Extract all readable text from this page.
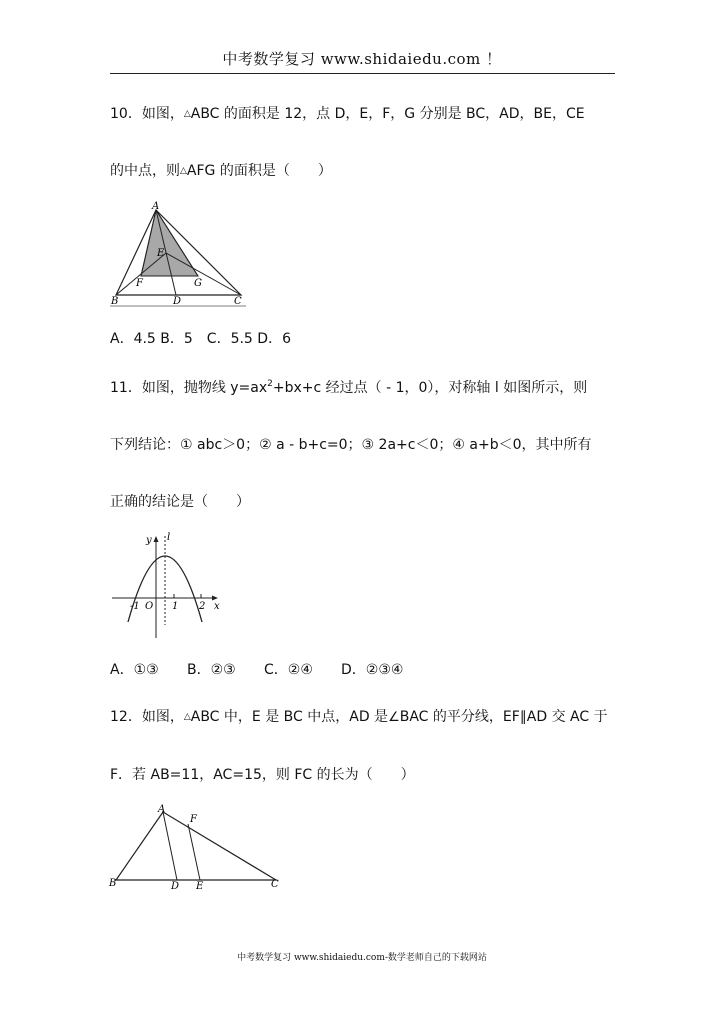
中考数学复习 www.shidaiedu.com ！
10．如图，△ABC 的面积是 12，点 D，E，F，G 分别是 BC，AD，BE，CE
的中点，则△AFG 的面积是（　　）
A
E
F	G
B	D	C
A．4.5 B．5　C．5.5 D．6
11．如图，抛物线 $y=ax^2+bx+c$ 经过点（ - 1，0），对称轴 l 如图所示，则
下列结论：① abc＞0；② a - b+c=0；③ 2a+c＜0；④ a+b＜0，其中所有
正确的结论是（　　）
y l
-1 O 1 2 x
A．①③ B．②③ C．②④ D．②③④
12．如图，△ABC 中，E 是 BC 中点，AD 是∠BAC 的平分线，EF∥AD 交 AC 于
F．若 AB=11，AC=15，则 FC 的长为（　　）
A
F
B	D E	C
中考数学复习 www.shidaiedu.com-数学老师自己的下载网站
